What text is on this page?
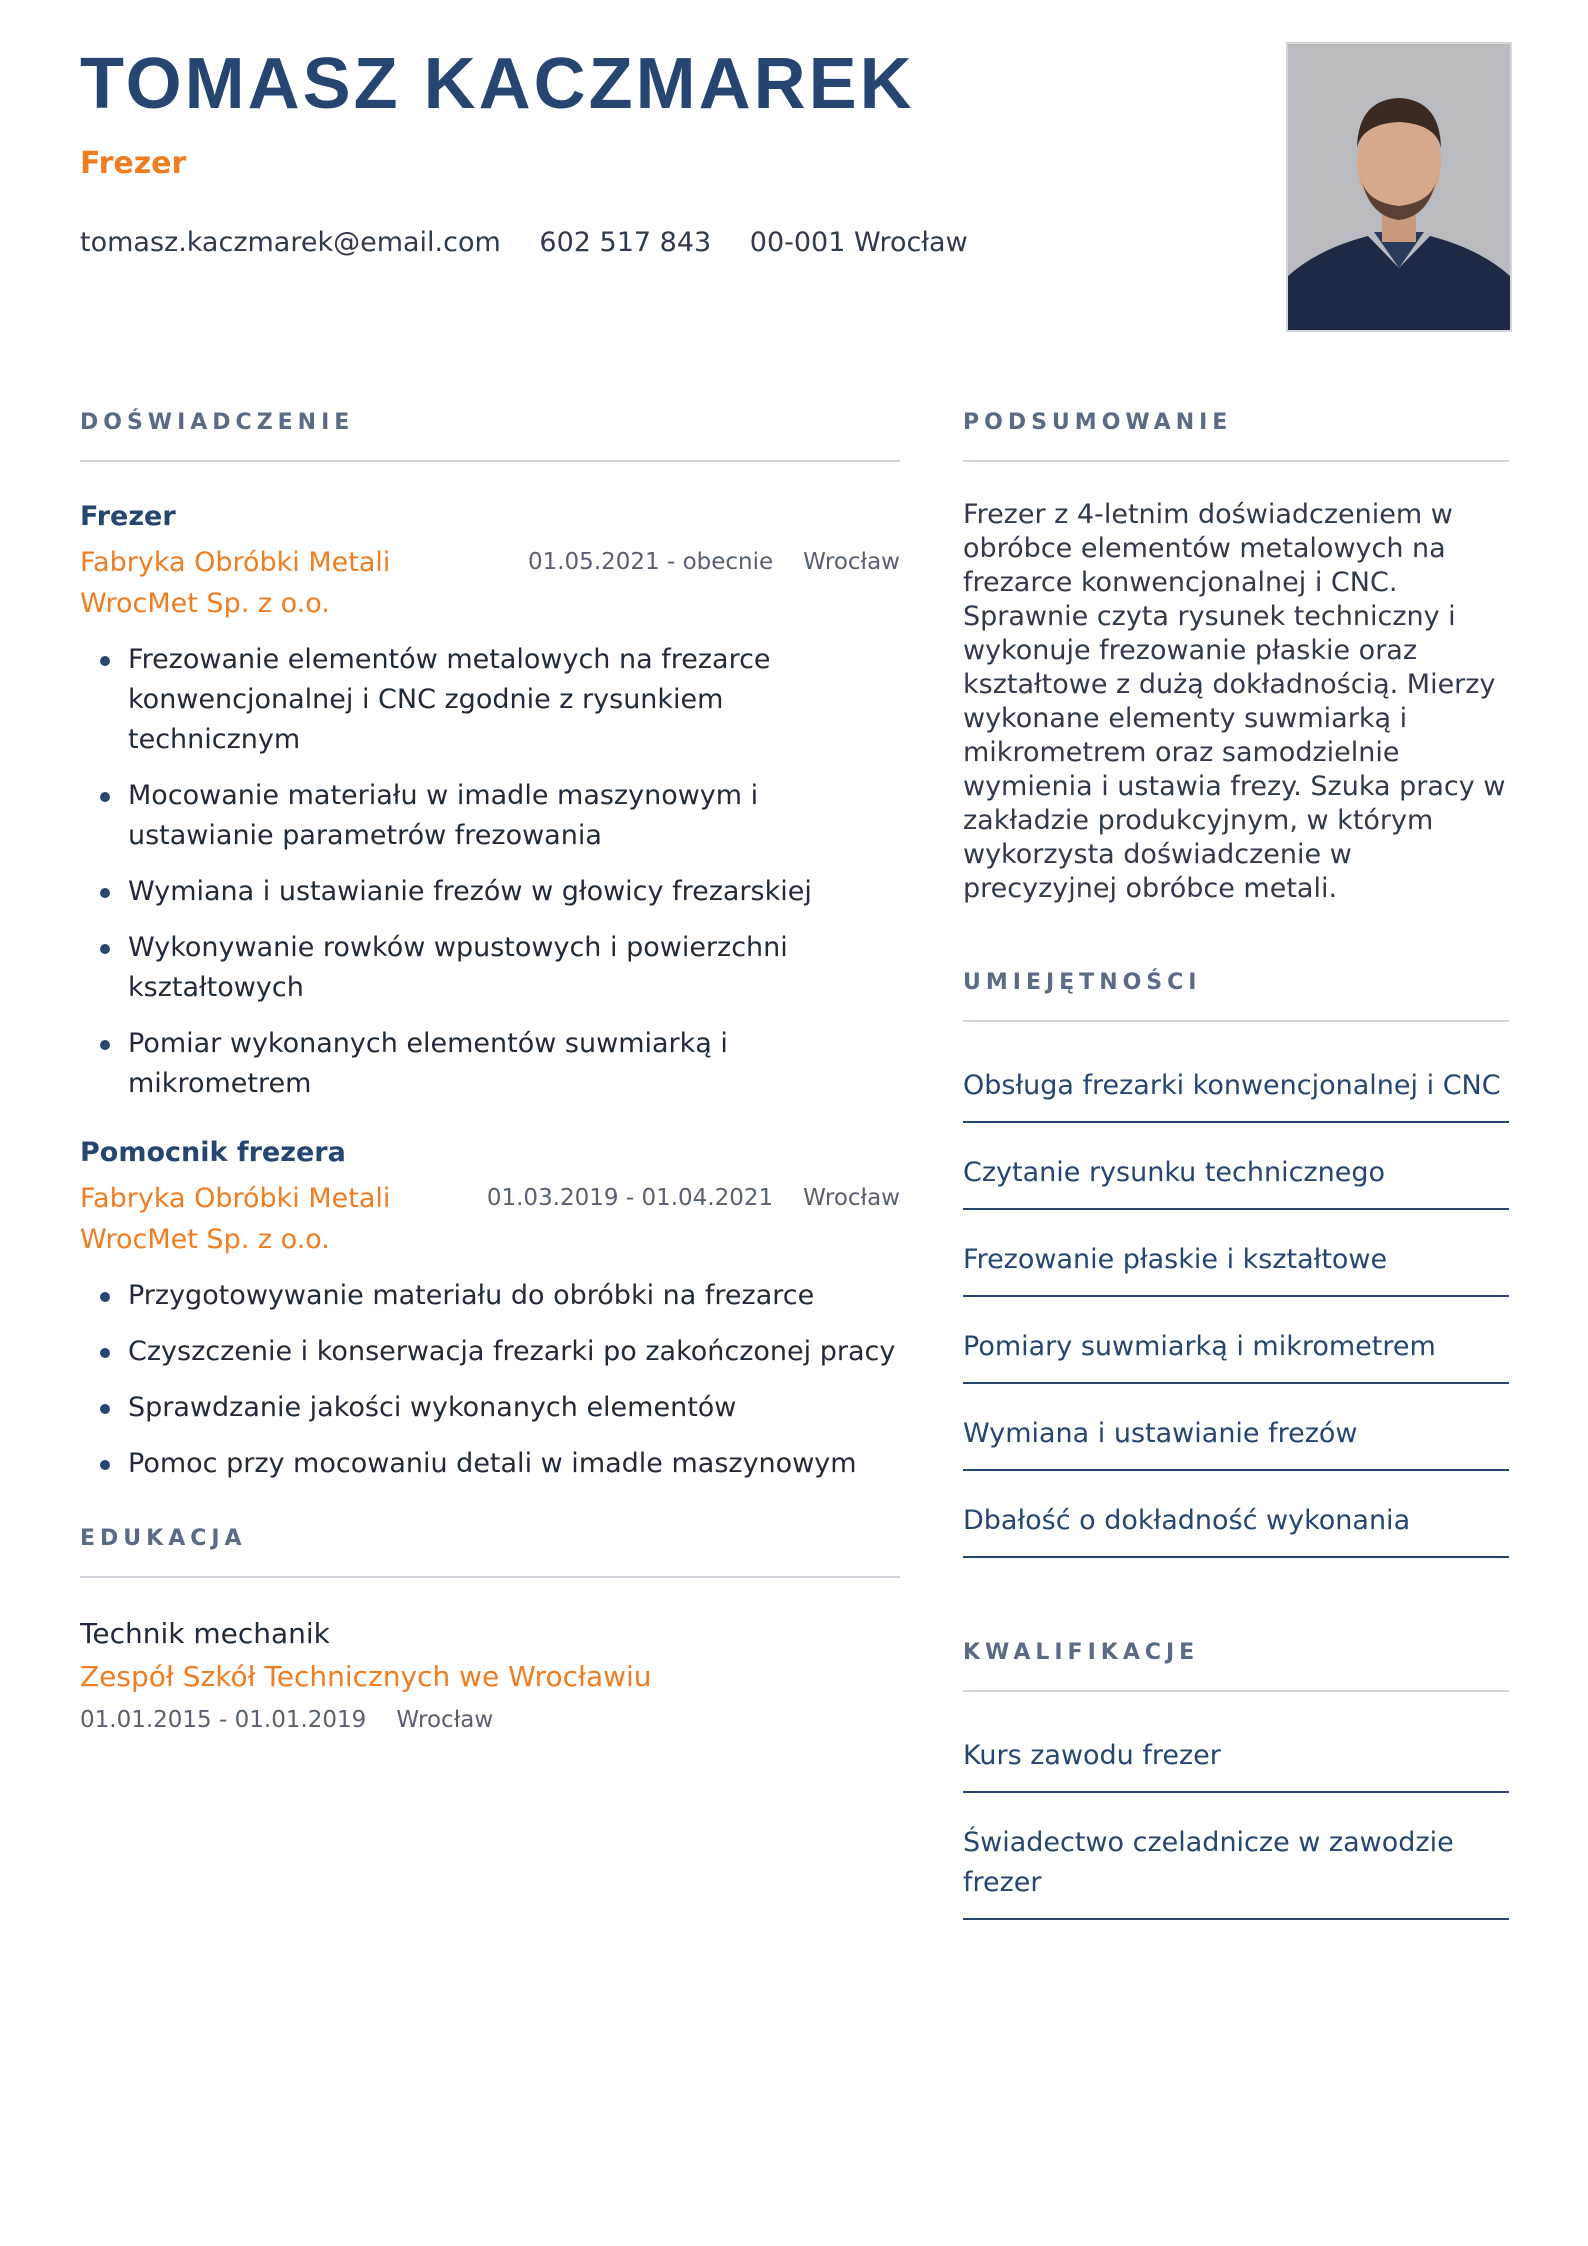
TOMASZ KACZMAREK
Frezer
tomasz.kaczmarek@email.com 602 517 843 00-001 Wrocław
DOŚWIADCZENIE
Frezer
Fabryka Obróbki Metali WrocMet Sp. z o.o.
01.05.2021 - obecnie Wrocław
Frezowanie elementów metalowych na frezarce konwencjonalnej i CNC zgodnie z rysunkiem technicznym
Mocowanie materiału w imadle maszynowym i ustawianie parametrów frezowania
Wymiana i ustawianie frezów w głowicy frezarskiej
Wykonywanie rowków wpustowych i powierzchni kształtowych
Pomiar wykonanych elementów suwmiarką i mikrometrem
Pomocnik frezera
Fabryka Obróbki Metali WrocMet Sp. z o.o.
01.03.2019 - 01.04.2021 Wrocław
Przygotowywanie materiału do obróbki na frezarce
Czyszczenie i konserwacja frezarki po zakończonej pracy
Sprawdzanie jakości wykonanych elementów
Pomoc przy mocowaniu detali w imadle maszynowym
EDUKACJA
Technik mechanik
Zespół Szkół Technicznych we Wrocławiu
01.01.2015 - 01.01.2019 Wrocław
PODSUMOWANIE

Frezer z 4-letnim doświadczeniem w obróbce elementów metalowych na frezarce konwencjonalnej i CNC. Sprawnie czyta rysunek techniczny i wykonuje frezowanie płaskie oraz kształtowe z dużą dokładnością. Mierzy wykonane elementy suwmiarką i mikrometrem oraz samodzielnie wymienia i ustawia frezy. Szuka pracy w zakładzie produkcyjnym, w którym wykorzysta doświadczenie w precyzyjnej obróbce metali.

UMIEJĘTNOŚCI
Obsługa frezarki konwencjonalnej i CNC
Czytanie rysunku technicznego
Frezowanie płaskie i kształtowe
Pomiary suwmiarką i mikrometrem
Wymiana i ustawianie frezów
Dbałość o dokładność wykonania
KWALIFIKACJE
Kurs zawodu frezer
Świadectwo czeladnicze w zawodzie frezer
